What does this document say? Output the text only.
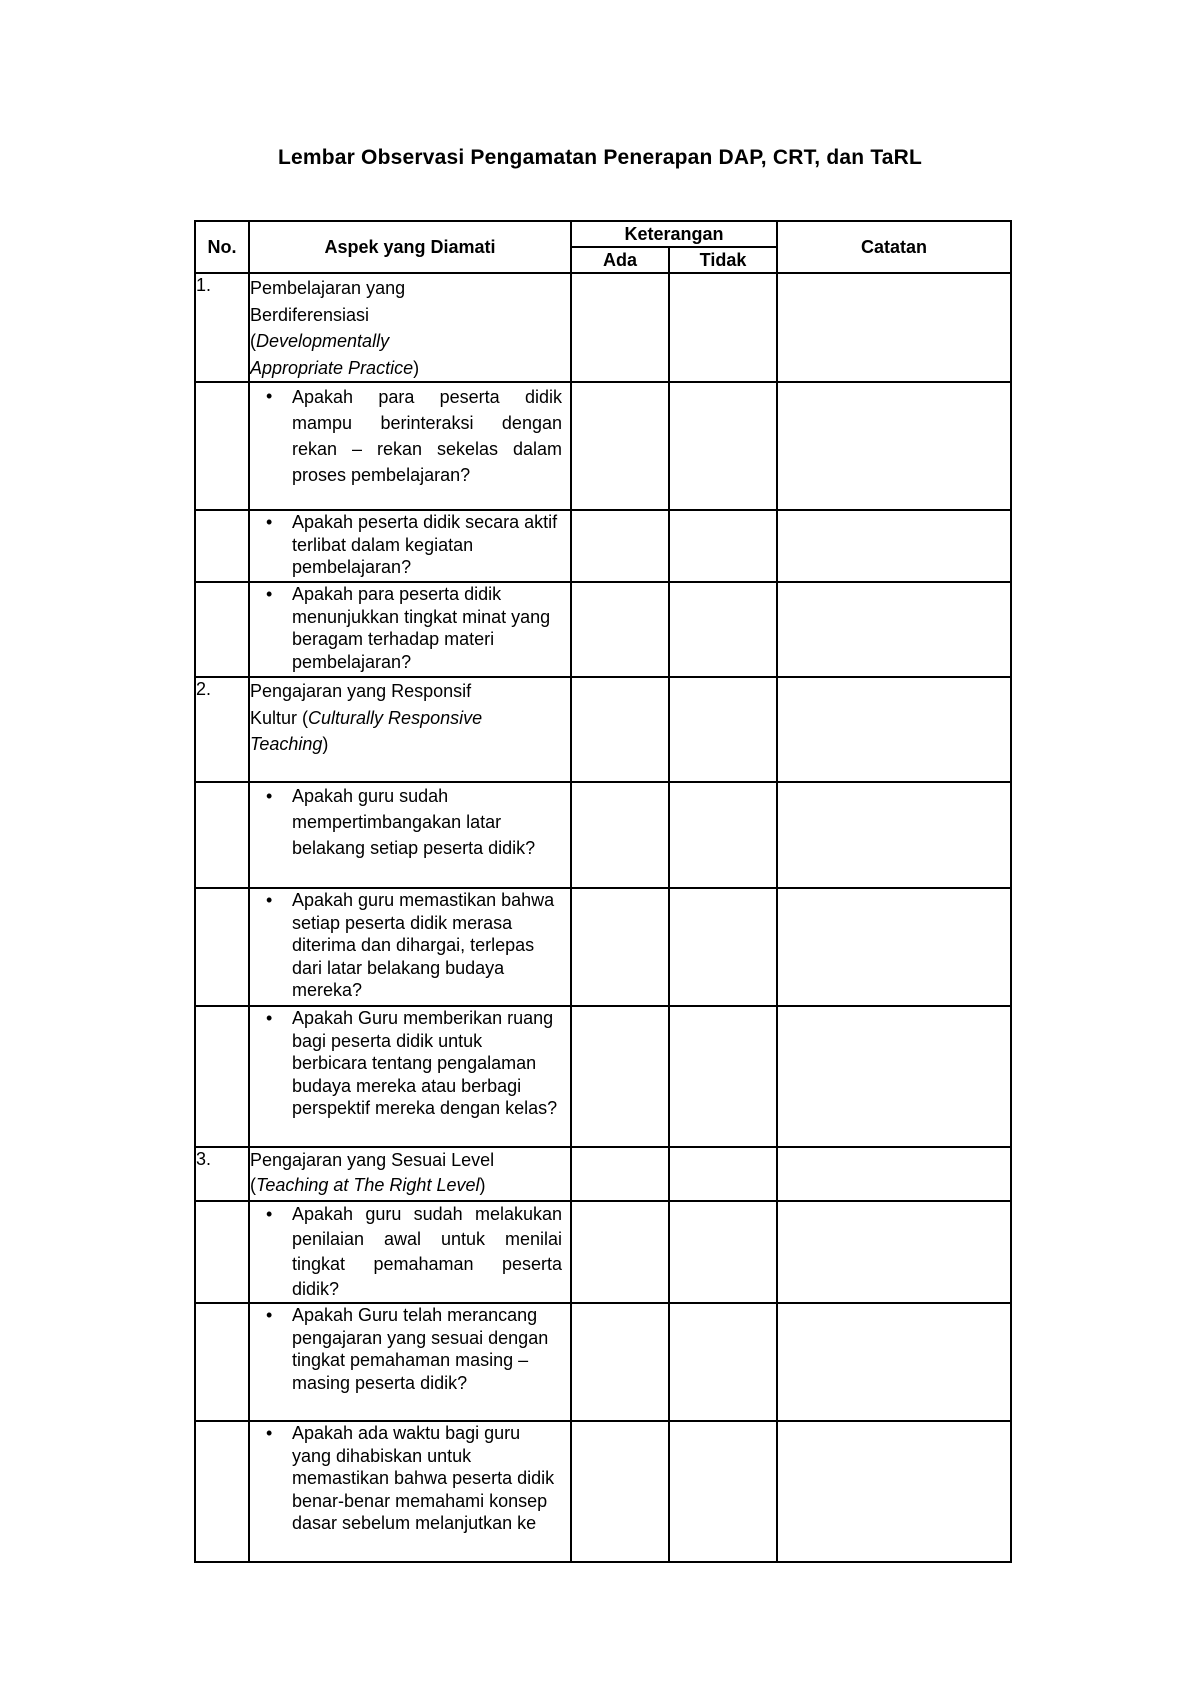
Lembar Observasi Pengamatan Penerapan DAP, CRT, dan TaRL
No.	Aspek yang Diamati	Keterangan		Catatan
		Ada	Tidak	
1.	Pembelajaran yang Berdiferensiasi (Developmentally Appropriate Practice)			

	• Apakah para peserta didik mampu berinteraksi dengan rekan – rekan sekelas dalam proses pembelajaran?			

	• Apakah peserta didik secara aktif terlibat dalam kegiatan pembelajaran?			

	• Apakah para peserta didik menunjukkan tingkat minat yang beragam terhadap materi pembelajaran?			

2.	Pengajaran yang Responsif Kultur (Culturally Responsive Teaching)			

	• Apakah guru sudah mempertimbangakan latar belakang setiap peserta didik?			

	• Apakah guru memastikan bahwa setiap peserta didik merasa diterima dan dihargai, terlepas dari latar belakang budaya mereka?			

	• Apakah Guru memberikan ruang bagi peserta didik untuk berbicara tentang pengalaman budaya mereka atau berbagi perspektif mereka dengan kelas?			

3.	Pengajaran yang Sesuai Level (Teaching at The Right Level)			

	• Apakah guru sudah melakukan penilaian awal untuk menilai tingkat pemahaman peserta didik?			

	• Apakah Guru telah merancang pengajaran yang sesuai dengan tingkat pemahaman masing – masing peserta didik?			

	• Apakah ada waktu bagi guru yang dihabiskan untuk memastikan bahwa peserta didik benar-benar memahami konsep dasar sebelum melanjutkan ke			
